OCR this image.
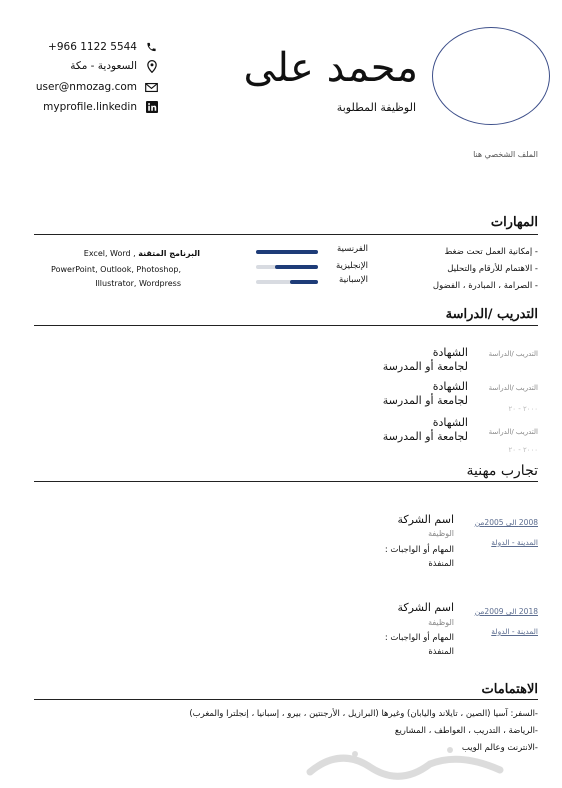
محمد على
الوظيفة المطلوبة
+966 1122 5544
السعودية - مكة
user@nmozag.com
myprofile.linkedin
الملف الشخصي هنا
المهارات
- إمكانية العمل تحت ضغط
- الاهتمام للأرقام والتحليل
- الصرامة ، المبادرة ، الفضول
الفرنسية
الإنجليزية
الإسبانية
Excel, Word , البرنامج المتقنة
PowerPoint, Outlook, Photoshop,
Illustrator, Wordpress
التدريب /الدراسة
التدريب /الدراسة
الشهادة
لجامعة أو المدرسة
التدريب /الدراسة
٢٠٠٠ - ٢٠
الشهادة
لجامعة أو المدرسة
التدريب /الدراسة
٢٠٠٠ - ٢٠
الشهادة
لجامعة أو المدرسة
تجارب مهنية
2008 الى 2005من
المدينة - الدولة
اسم الشركة
الوظيفة
المهام أو الواجبات :
المنفذة
2018 الى 2009من
المدينة - الدولة
اسم الشركة
الوظيفة
المهام أو الواجبات :
المنفذة
الاهتمامات
-السفر: آسيا (الصين ، تايلاند واليابان) وغيرها (البرازيل ، الأرجنتين ، بيرو ، إسبانيا ، إنجلترا والمغرب)
-الرياضة ، التدريب ، العواطف ، المشاريع
-الانترنت وعالم الويب
